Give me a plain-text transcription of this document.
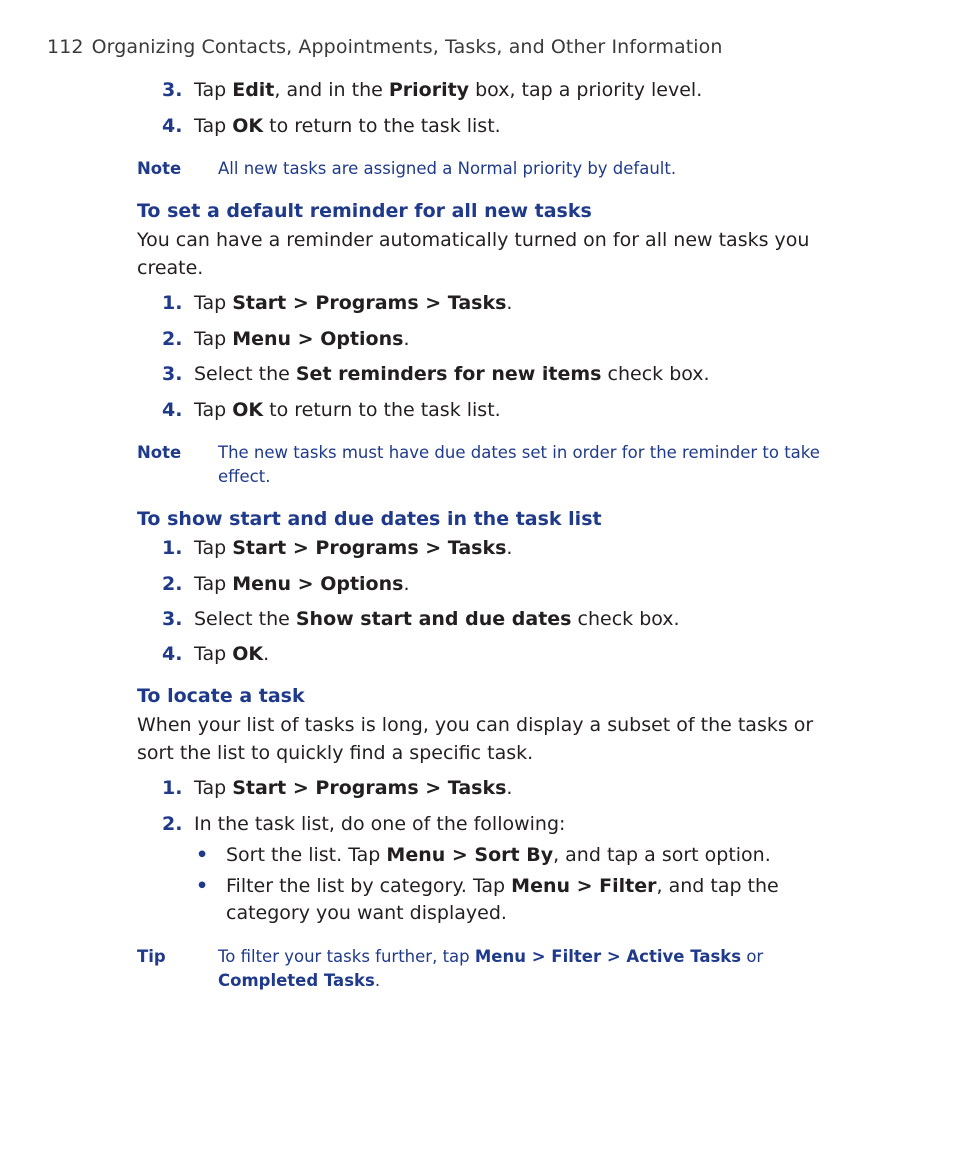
112 Organizing Contacts, Appointments, Tasks, and Other Information
3. Tap Edit, and in the Priority box, tap a priority level.
4. Tap OK to return to the task list.
Note All new tasks are assigned a Normal priority by default.
To set a default reminder for all new tasks
You can have a reminder automatically turned on for all new tasks you create.
1. Tap Start > Programs > Tasks.
2. Tap Menu > Options.
3. Select the Set reminders for new items check box.
4. Tap OK to return to the task list.
Note The new tasks must have due dates set in order for the reminder to take effect.
To show start and due dates in the task list
1. Tap Start > Programs > Tasks.
2. Tap Menu > Options.
3. Select the Show start and due dates check box.
4. Tap OK.
To locate a task
When your list of tasks is long, you can display a subset of the tasks or sort the list to quickly find a specific task.
1. Tap Start > Programs > Tasks.
2. In the task list, do one of the following:
• Sort the list. Tap Menu > Sort By, and tap a sort option.
• Filter the list by category. Tap Menu > Filter, and tap the category you want displayed.
Tip	To filter your tasks further, tap Menu > Filter > Active Tasks or Completed Tasks.
